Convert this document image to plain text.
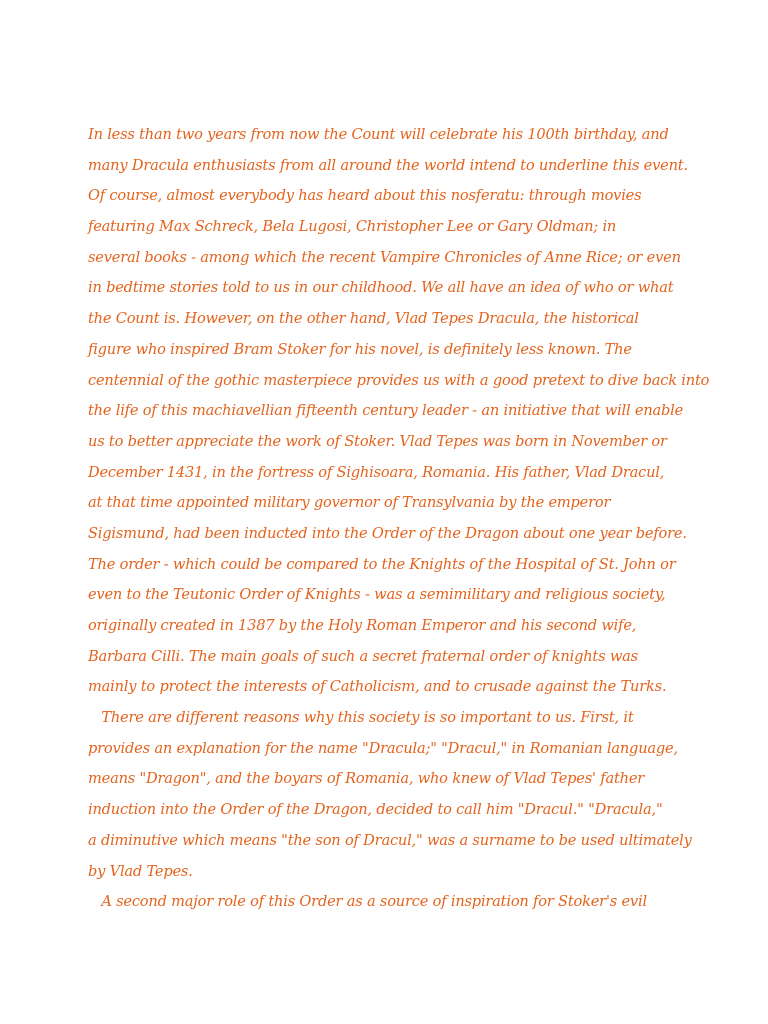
In less than two years from now the Count will celebrate his 100th birthday, and
many Dracula enthusiasts from all around the world intend to underline this event.
Of course, almost everybody has heard about this nosferatu: through movies
featuring Max Schreck, Bela Lugosi, Christopher Lee or Gary Oldman; in
several books - among which the recent Vampire Chronicles of Anne Rice; or even
in bedtime stories told to us in our childhood. We all have an idea of who or what
the Count is. However, on the other hand, Vlad Tepes Dracula, the historical
figure who inspired Bram Stoker for his novel, is definitely less known. The
centennial of the gothic masterpiece provides us with a good pretext to dive back into
the life of this machiavellian fifteenth century leader - an initiative that will enable
us to better appreciate the work of Stoker. Vlad Tepes was born in November or
December 1431, in the fortress of Sighisoara, Romania. His father, Vlad Dracul,
at that time appointed military governor of Transylvania by the emperor
Sigismund, had been inducted into the Order of the Dragon about one year before.
The order - which could be compared to the Knights of the Hospital of St. John or
even to the Teutonic Order of Knights - was a semimilitary and religious society,
originally created in 1387 by the Holy Roman Emperor and his second wife,
Barbara Cilli. The main goals of such a secret fraternal order of knights was
mainly to protect the interests of Catholicism, and to crusade against the Turks.
There are different reasons why this society is so important to us. First, it
provides an explanation for the name "Dracula;" "Dracul," in Romanian language,
means "Dragon", and the boyars of Romania, who knew of Vlad Tepes' father
induction into the Order of the Dragon, decided to call him "Dracul." "Dracula,"
a diminutive which means "the son of Dracul," was a surname to be used ultimately
by Vlad Tepes.
A second major role of this Order as a source of inspiration for Stoker's evil
